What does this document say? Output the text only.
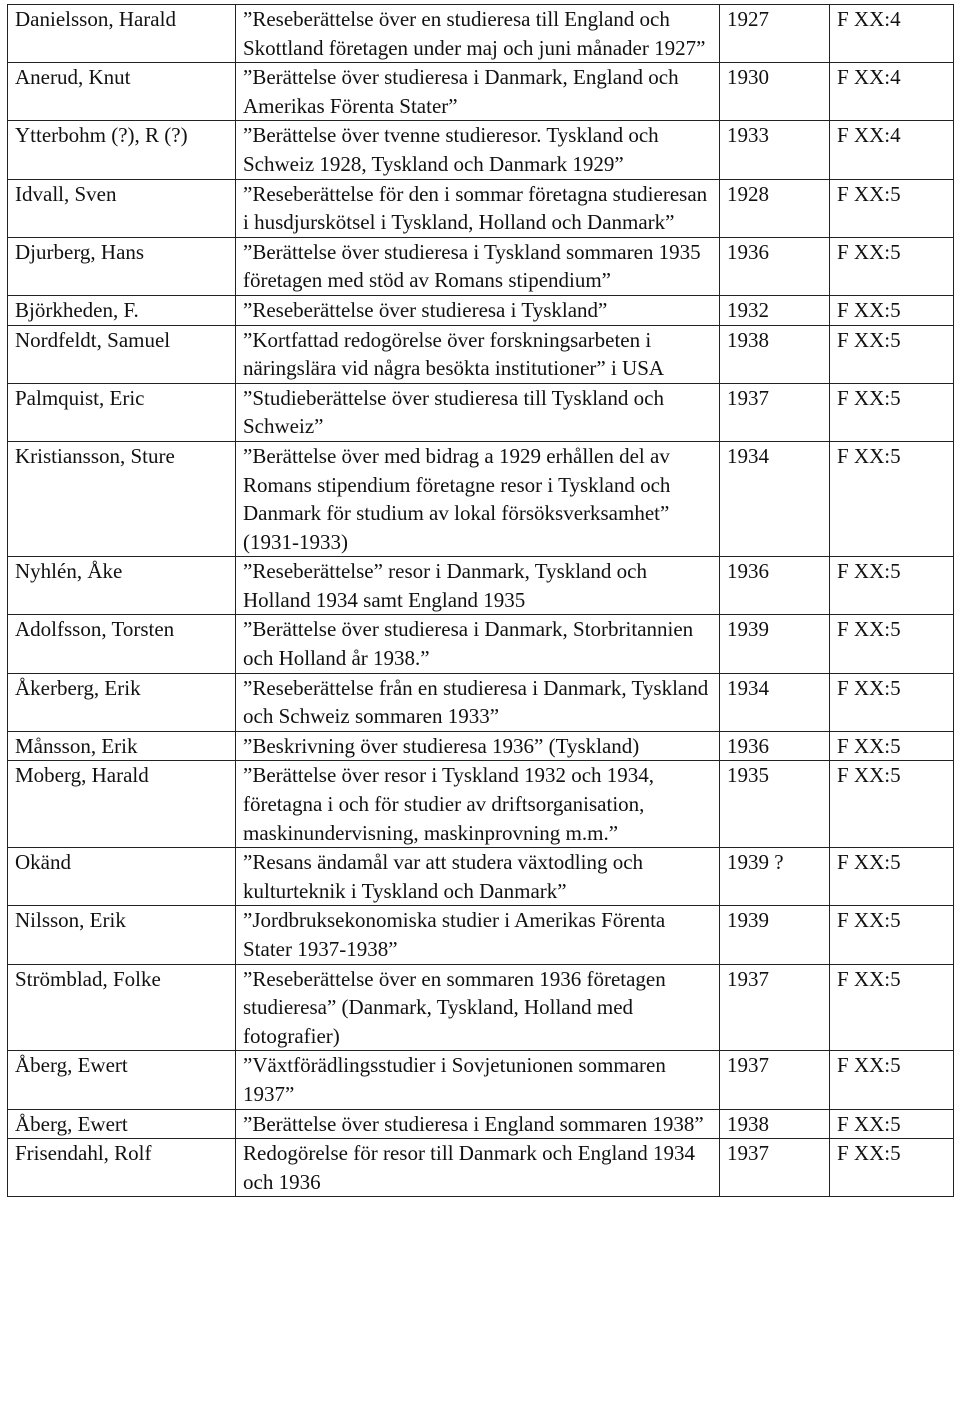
Danielsson, Harald	”Reseberättelse över en studieresa till England och Skottland företagen under maj och juni månader 1927”	1927	F XX:4
Anerud, Knut	”Berättelse över studieresa i Danmark, England och Amerikas Förenta Stater”	1930	F XX:4
Ytterbohm (?), R (?)	”Berättelse över tvenne studieresor. Tyskland och Schweiz 1928, Tyskland och Danmark 1929”	1933	F XX:4
Idvall, Sven	”Reseberättelse för den i sommar företagna studieresan i husdjurskötsel i Tyskland, Holland och Danmark”	1928	F XX:5
Djurberg, Hans	”Berättelse över studieresa i Tyskland sommaren 1935 företagen med stöd av Romans stipendium”	1936	F XX:5
Björkheden, F.	”Reseberättelse över studieresa i Tyskland”	1932	F XX:5
Nordfeldt, Samuel	”Kortfattad redogörelse över forskningsarbeten i näringslära vid några besökta institutioner” i USA	1938	F XX:5
Palmquist, Eric	”Studieberättelse över studieresa till Tyskland och Schweiz”	1937	F XX:5
Kristiansson, Sture	”Berättelse över med bidrag a 1929 erhållen del av Romans stipendium företagne resor i Tyskland och Danmark för studium av lokal försöksverksamhet” (1931-1933)	1934	F XX:5
Nyhlén, Åke	”Reseberättelse” resor i Danmark, Tyskland och Holland 1934 samt England 1935	1936	F XX:5
Adolfsson, Torsten	”Berättelse över studieresa i Danmark, Storbritannien och Holland år 1938.”	1939	F XX:5
Åkerberg, Erik	”Reseberättelse från en studieresa i Danmark, Tyskland och Schweiz sommaren 1933”	1934	F XX:5
Månsson, Erik	”Beskrivning över studieresa 1936” (Tyskland)	1936	F XX:5
Moberg, Harald	”Berättelse över resor i Tyskland 1932 och 1934, företagna i och för studier av driftsorganisation, maskinundervisning, maskinprovning m.m.”	1935	F XX:5
Okänd	”Resans ändamål var att studera växtodling och kulturteknik i Tyskland och Danmark”	1939 ?	F XX:5
Nilsson, Erik	”Jordbruksekonomiska studier i Amerikas Förenta Stater 1937-1938”	1939	F XX:5
Strömblad, Folke	”Reseberättelse över en sommaren 1936 företagen studieresa” (Danmark, Tyskland, Holland med fotografier)	1937	F XX:5
Åberg, Ewert	”Växtförädlingsstudier i Sovjetunionen sommaren 1937”	1937	F XX:5
Åberg, Ewert	”Berättelse över studieresa i England sommaren 1938”	1938	F XX:5
Frisendahl, Rolf	Redogörelse för resor till Danmark och England 1934 och 1936	1937	F XX:5
